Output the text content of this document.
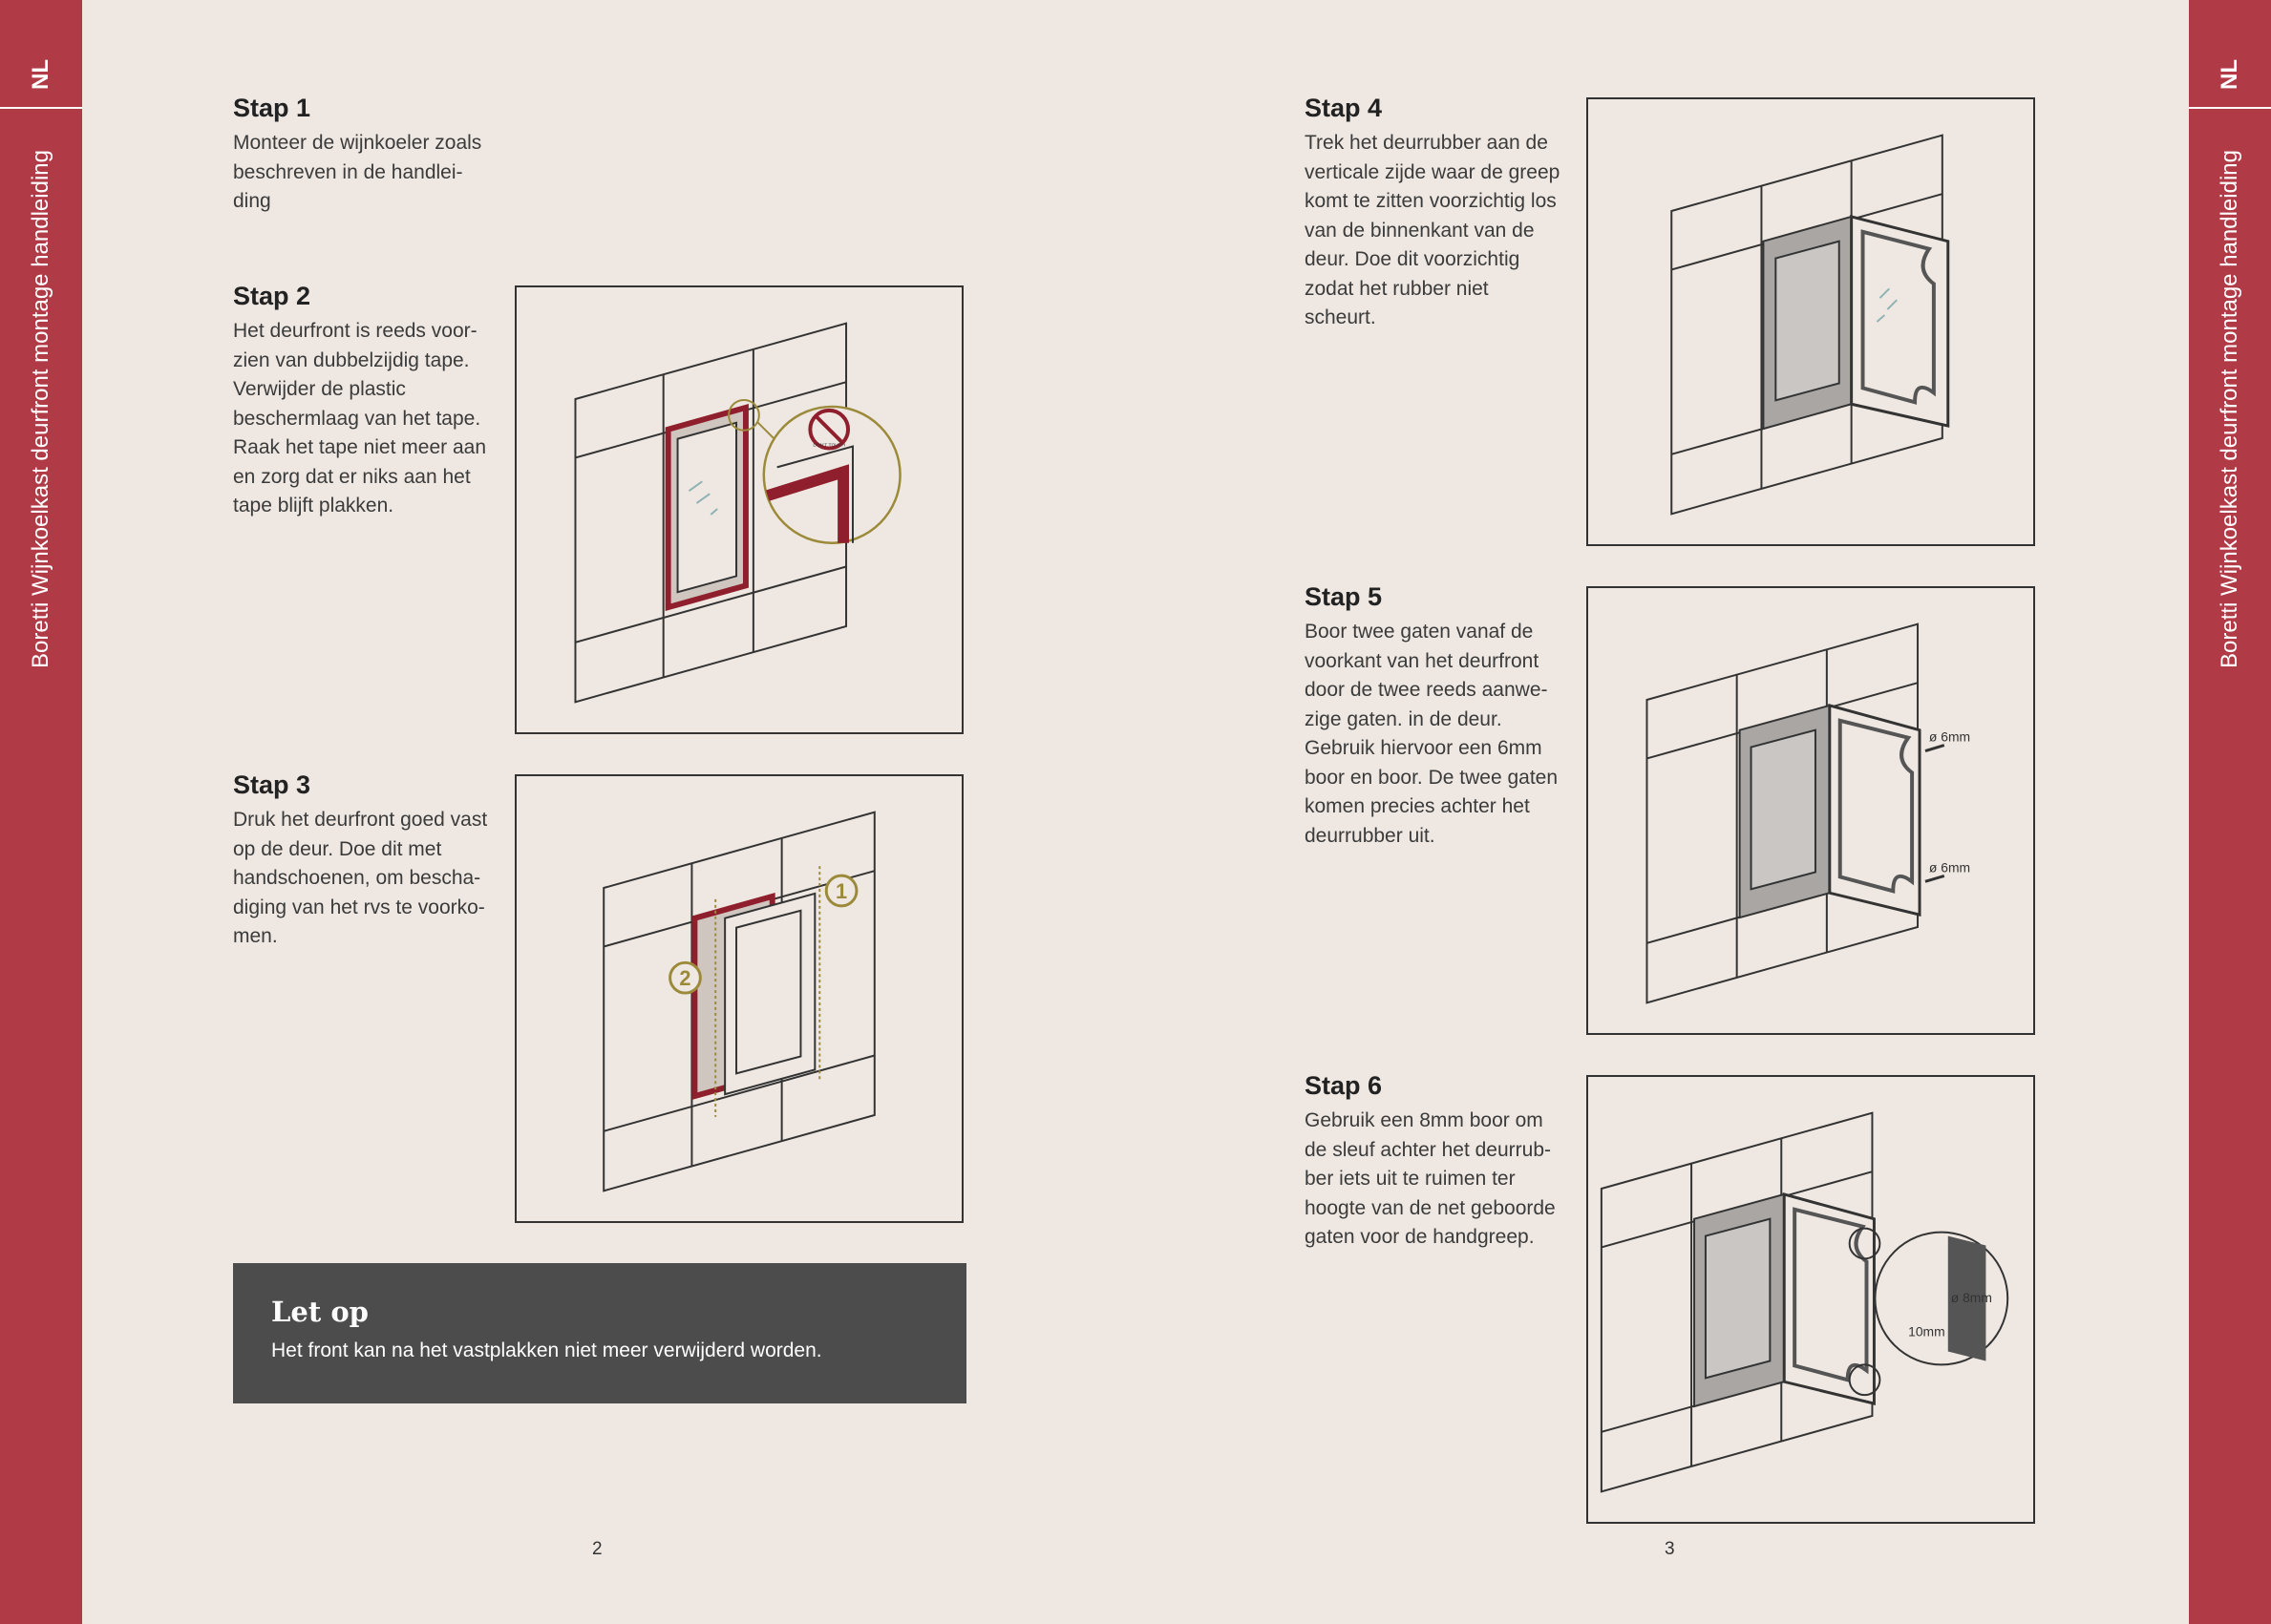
NL
Boretti Wijnkoelkast deurfront montage handleiding
NL
Boretti Wijnkoelkast deurfront montage handleiding
Stap 1

Monteer de wijnkoeler zoals beschreven in de handlei-ding

Stap 2

Het deurfront is reeds voor-zien van dubbelzijdig tape. Verwijder de plastic beschermlaag van het tape. Raak het tape niet meer aan en zorg dat er niks aan het tape blijft plakken.

Stap 3

Druk het deurfront goed vast op de deur. Doe dit met handschoenen, om bescha-diging van het rvs te voorko-men.

Stap 4

Trek het deurrubber aan de verticale zijde waar de greep komt te zitten voorzichtig los van de binnenkant van de deur. Doe dit voorzichtig zodat het rubber niet scheurt.

Stap 5

Boor twee gaten vanaf de voorkant van het deurfront door de twee reeds aanwe-zige gaten. in de deur. Gebruik hiervoor een 6mm boor en boor. De twee gaten komen precies achter het deurrubber uit.

Stap 6

Gebruik een 8mm boor om de sleuf achter het deurrub-ber iets uit te ruimen ter hoogte van de net geboorde gaten voor de handgreep.

DON'T TOUCH
1
2
Let op

Het front kan na het vastplakken niet meer verwijderd worden.

ø 6mm
ø 6mm
ø 8mm
10mm
2	3
